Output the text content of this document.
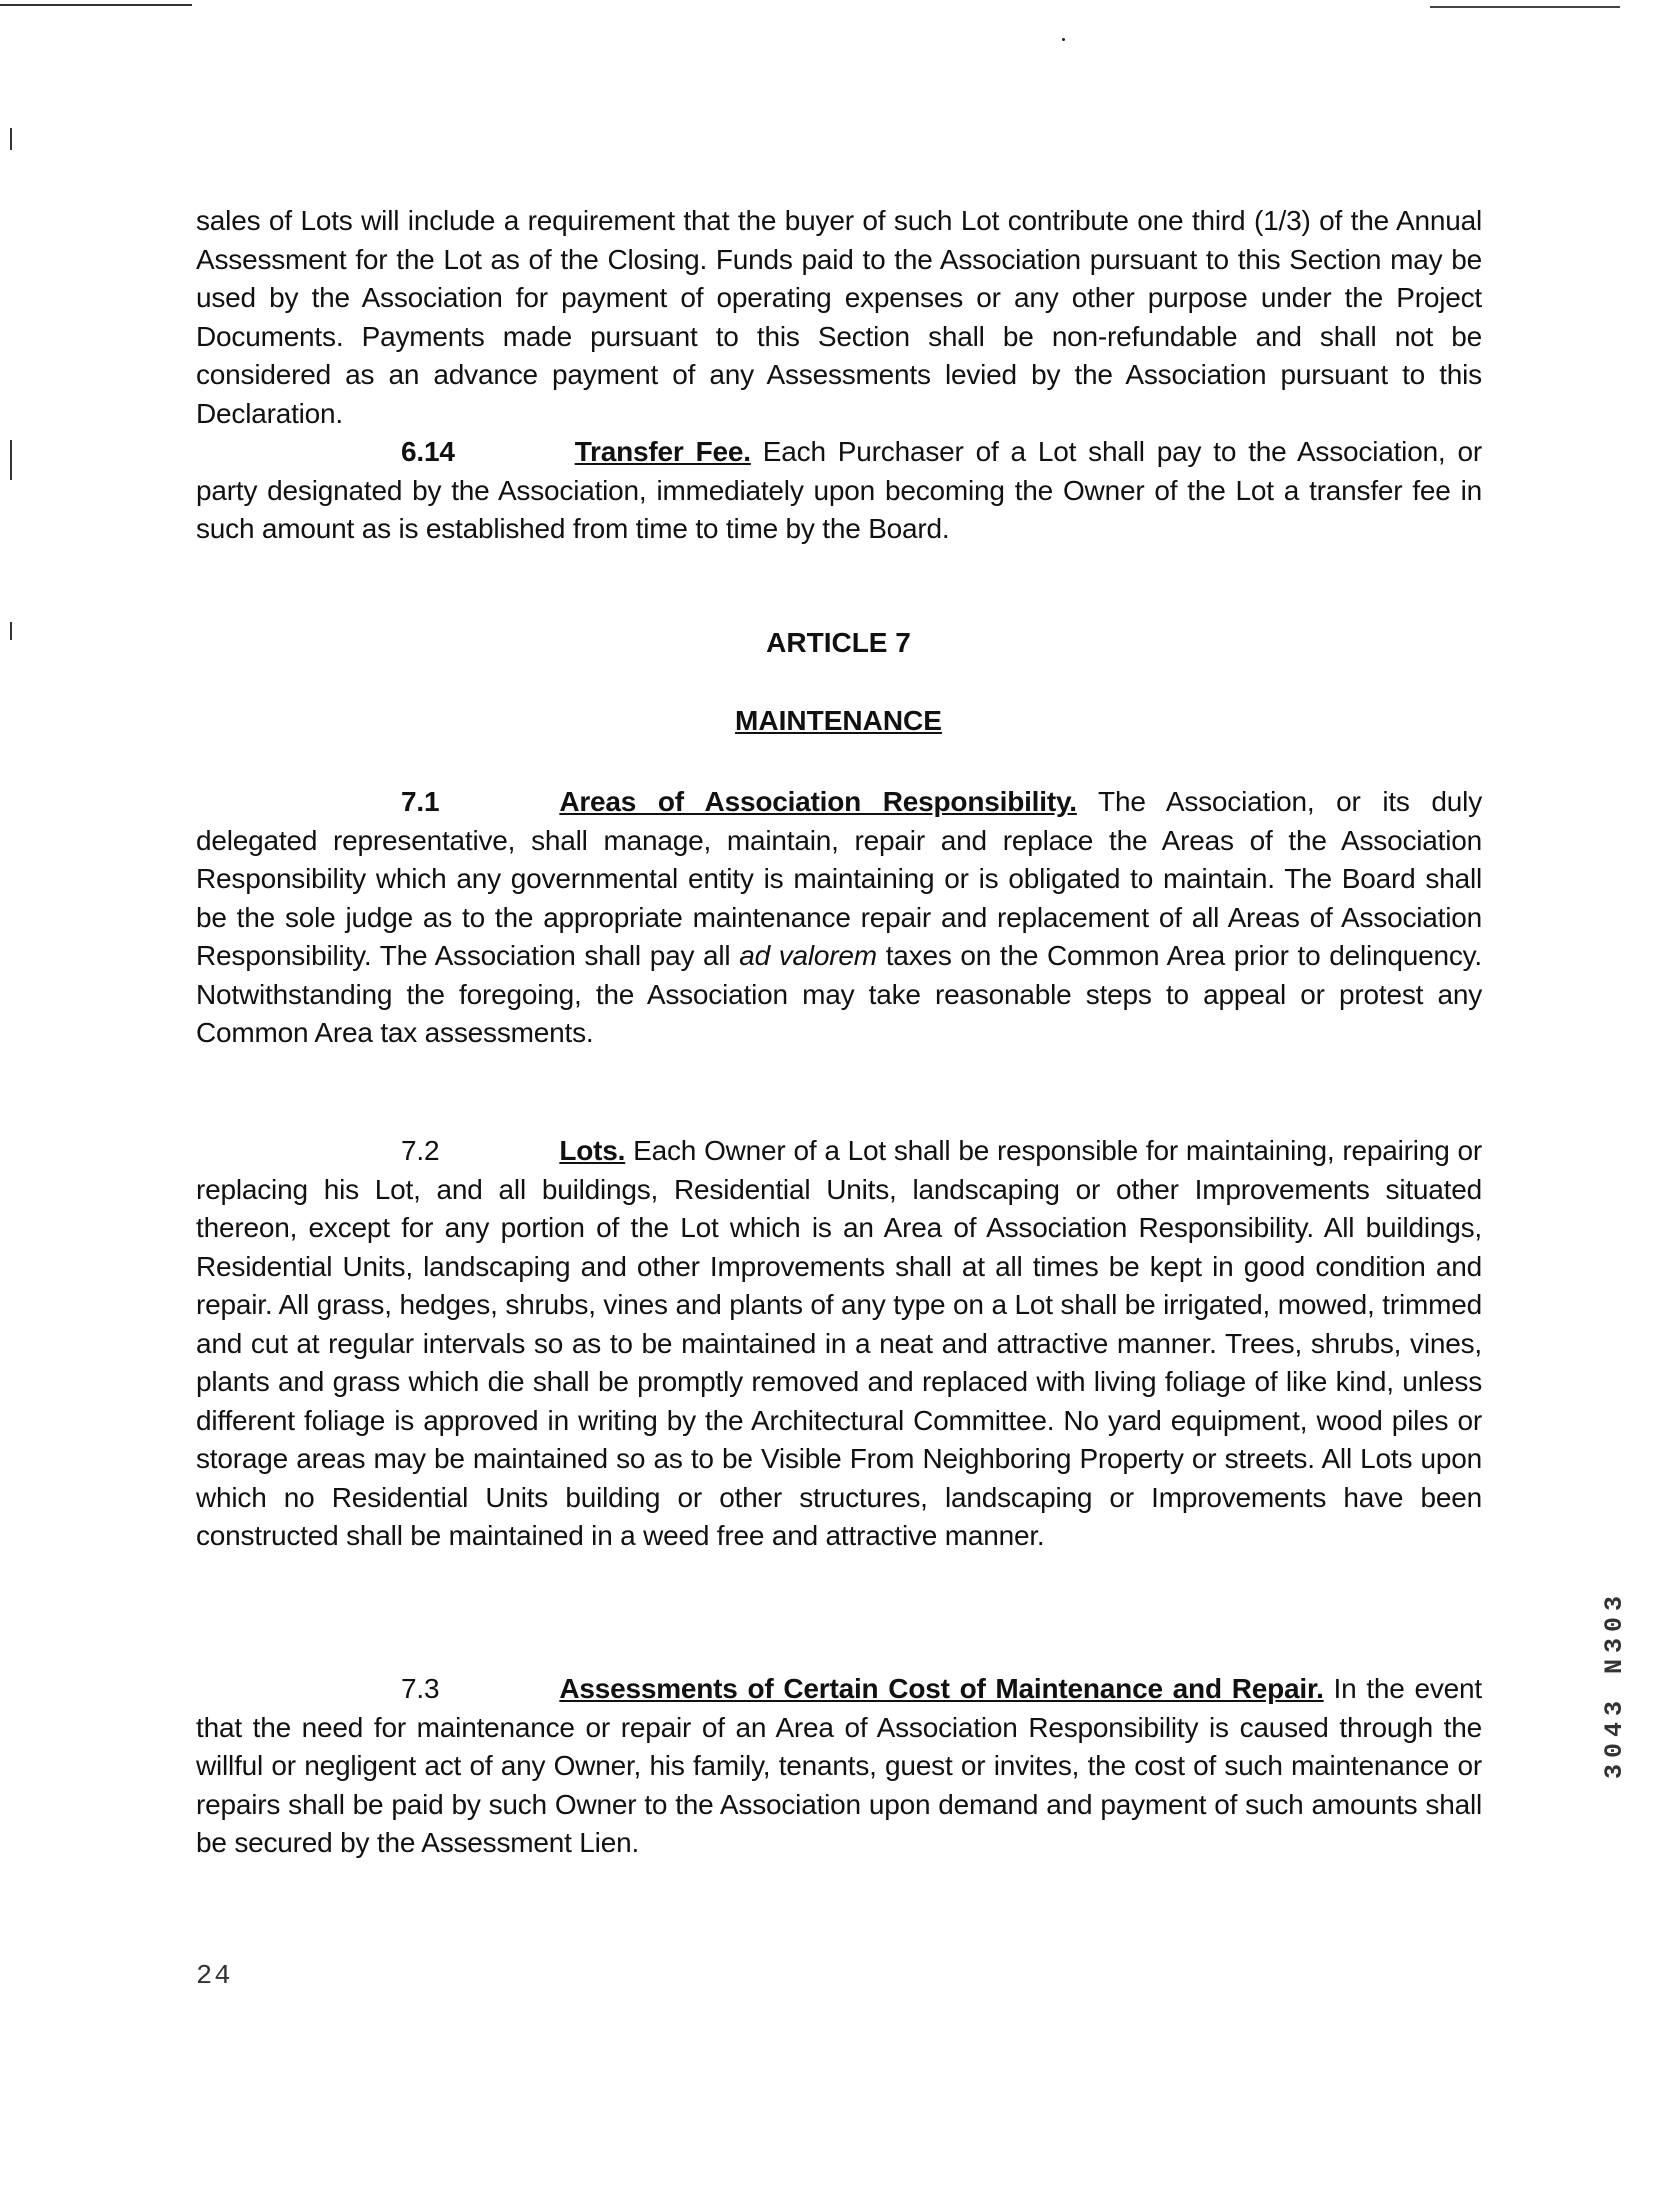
sales of Lots will include a requirement that the buyer of such Lot contribute one third (1/3) of the Annual Assessment for the Lot as of the Closing. Funds paid to the Association pursuant to this Section may be used by the Association for payment of operating expenses or any other purpose under the Project Documents. Payments made pursuant to this Section shall be non-refundable and shall not be considered as an advance payment of any Assessments levied by the Association pursuant to this Declaration.

6.14	Transfer Fee. Each Purchaser of a Lot shall pay to the Association, or party designated by the Association, immediately upon becoming the Owner of the Lot a transfer fee in such amount as is established from time to time by the Board.

ARTICLE 7
MAINTENANCE

7.1	Areas of Association Responsibility. The Association, or its duly delegated representative, shall manage, maintain, repair and replace the Areas of the Association Responsibility which any governmental entity is maintaining or is obligated to maintain. The Board shall be the sole judge as to the appropriate maintenance repair and replacement of all Areas of Association Responsibility. The Association shall pay all ad valorem taxes on the Common Area prior to delinquency. Notwithstanding the foregoing, the Association may take reasonable steps to appeal or protest any Common Area tax assessments.

7.2	Lots. Each Owner of a Lot shall be responsible for maintaining, repairing or replacing his Lot, and all buildings, Residential Units, landscaping or other Improvements situated thereon, except for any portion of the Lot which is an Area of Association Responsibility. All buildings, Residential Units, landscaping and other Improvements shall at all times be kept in good condition and repair. All grass, hedges, shrubs, vines and plants of any type on a Lot shall be irrigated, mowed, trimmed and cut at regular intervals so as to be maintained in a neat and attractive manner. Trees, shrubs, vines, plants and grass which die shall be promptly removed and replaced with living foliage of like kind, unless different foliage is approved in writing by the Architectural Committee. No yard equipment, wood piles or storage areas may be maintained so as to be Visible From Neighboring Property or streets. All Lots upon which no Residential Units building or other structures, landscaping or Improvements have been constructed shall be maintained in a weed free and attractive manner.

7.3	Assessments of Certain Cost of Maintenance and Repair. In the event that the need for maintenance or repair of an Area of Association Responsibility is caused through the willful or negligent act of any Owner, his family, tenants, guest or invites, the cost of such maintenance or repairs shall be paid by such Owner to the Association upon demand and payment of such amounts shall be secured by the Assessment Lien.

24
3043 N303
